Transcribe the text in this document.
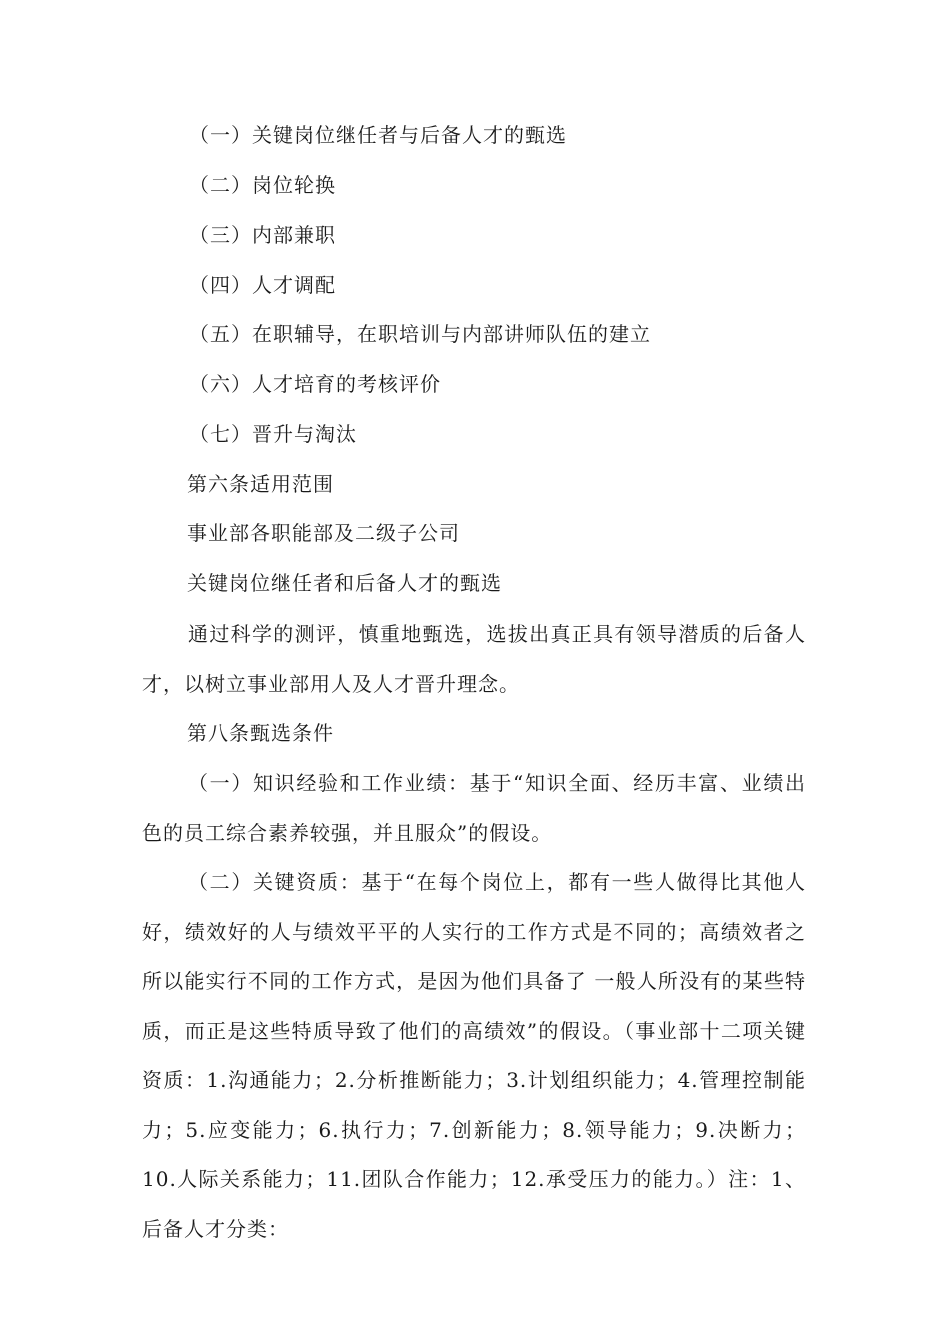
（一）关键岗位继任者与后备人才的甄选

（二）岗位轮换

（三）内部兼职

（四）人才调配

（五）在职辅导，在职培训与内部讲师队伍的建立

（六）人才培育的考核评价

（七）晋升与淘汰

第六条适用范围

事业部各职能部及二级子公司

关键岗位继任者和后备人才的甄选

通过科学的测评，慎重地甄选，选拔出真正具有领导潜质的后备人才，以树立事业部用人及人才晋升理念。

第八条甄选条件

（一）知识经验和工作业绩：基于“知识全面、经历丰富、业绩出色的员工综合素养较强，并且服众”的假设。

（二）关键资质：基于“在每个岗位上，都有一些人做得比其他人好，绩效好的人与绩效平平的人实行的工作方式是不同的；高绩效者之所以能实行不同的工作方式，是因为他们具备了 一般人所没有的某些特质，而正是这些特质导致了他们的高绩效”的假设。（事业部十二项关键资质：1.沟通能力；2.分析推断能力；3.计划组织能力；4.管理控制能力；5.应变能力；6.执行力；7.创新能力；8.领导能力；9.决断力；10.人际关系能力；11.团队合作能力；12.承受压力的能力。）注：1、后备人才分类：
